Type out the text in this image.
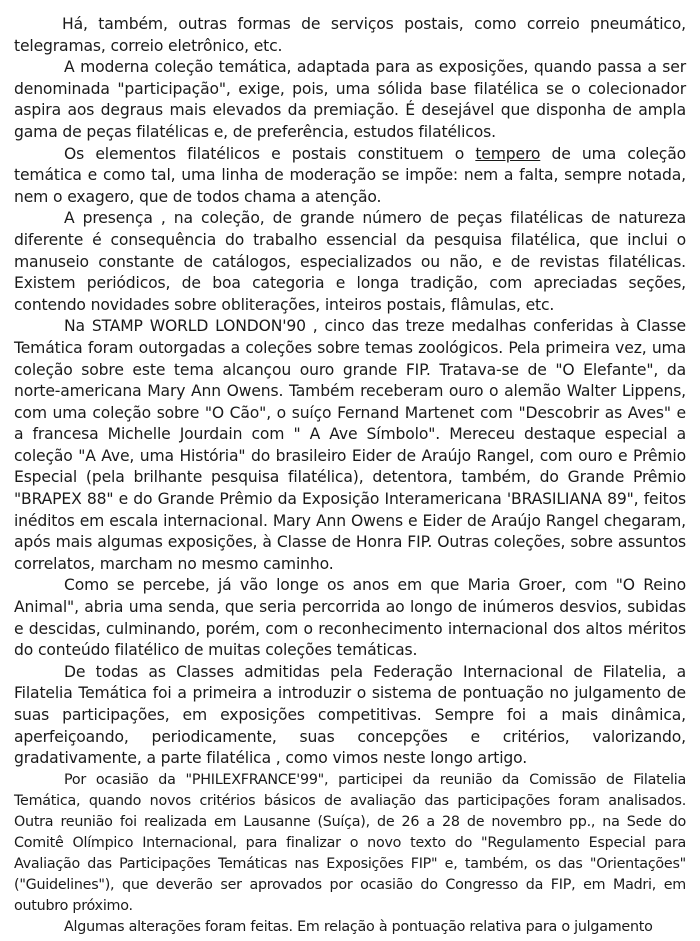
Há, também, outras formas de serviços postais, como correio pneumático, telegramas, correio eletrônico, etc.

A moderna coleção temática, adaptada para as exposições, quando passa a ser denominada "participação", exige, pois, uma sólida base filatélica se o colecionador aspira aos degraus mais elevados da premiação. É desejável que disponha de ampla gama de peças filatélicas e, de preferência, estudos filatélicos.

Os elementos filatélicos e postais constituem o tempero de uma coleção temática e como tal, uma linha de moderação se impõe: nem a falta, sempre notada, nem o exagero, que de todos chama a atenção.

A presença , na coleção, de grande número de peças filatélicas de natureza diferente é consequência do trabalho essencial da pesquisa filatélica, que inclui o manuseio constante de catálogos, especializados ou não, e de revistas filatélicas. Existem periódicos, de boa categoria e longa tradição, com apreciadas seções, contendo novidades sobre obliterações, inteiros postais, flâmulas, etc.

Na STAMP WORLD LONDON'90 , cinco das treze medalhas conferidas à Classe Temática foram outorgadas a coleções sobre temas zoológicos. Pela primeira vez, uma coleção sobre este tema alcançou ouro grande FIP. Tratava-se de "O Elefante", da norte-americana Mary Ann Owens. Também receberam ouro o alemão Walter Lippens, com uma coleção sobre "O Cão", o suíço Fernand Martenet com "Descobrir as Aves" e a francesa Michelle Jourdain com " A Ave Símbolo". Mereceu destaque especial a coleção "A Ave, uma História" do brasileiro Eider de Araújo Rangel, com ouro e Prêmio Especial (pela brilhante pesquisa filatélica), detentora, também, do Grande Prêmio "BRAPEX 88" e do Grande Prêmio da Exposição Interamericana 'BRASILIANA 89", feitos inéditos em escala internacional. Mary Ann Owens e Eider de Araújo Rangel chegaram, após mais algumas exposições, à Classe de Honra FIP. Outras coleções, sobre assuntos correlatos, marcham no mesmo caminho.

Como se percebe, já vão longe os anos em que Maria Groer, com "O Reino Animal", abria uma senda, que seria percorrida ao longo de inúmeros desvios, subidas e descidas, culminando, porém, com o reconhecimento internacional dos altos méritos do conteúdo filatélico de muitas coleções temáticas.

De todas as Classes admitidas pela Federação Internacional de Filatelia, a Filatelia Temática foi a primeira a introduzir o sistema de pontuação no julgamento de suas participações, em exposições competitivas. Sempre foi a mais dinâmica, aperfeiçoando, periodicamente, suas concepções e critérios, valorizando, gradativamente, a parte filatélica , como vimos neste longo artigo.

Por ocasião da "PHILEXFRANCE'99", participei da reunião da Comissão de Filatelia Temática, quando novos critérios básicos de avaliação das participações foram analisados. Outra reunião foi realizada em Lausanne (Suíça), de 26 a 28 de novembro pp., na Sede do Comitê Olímpico Internacional, para finalizar o novo texto do "Regulamento Especial para Avaliação das Participações Temáticas nas Exposições FIP" e, também, os das "Orientações" ("Guidelines"), que deverão ser aprovados por ocasião do Congresso da FIP, em Madri, em outubro próximo.

Algumas alterações foram feitas. Em relação à pontuação relativa para o julgamento
